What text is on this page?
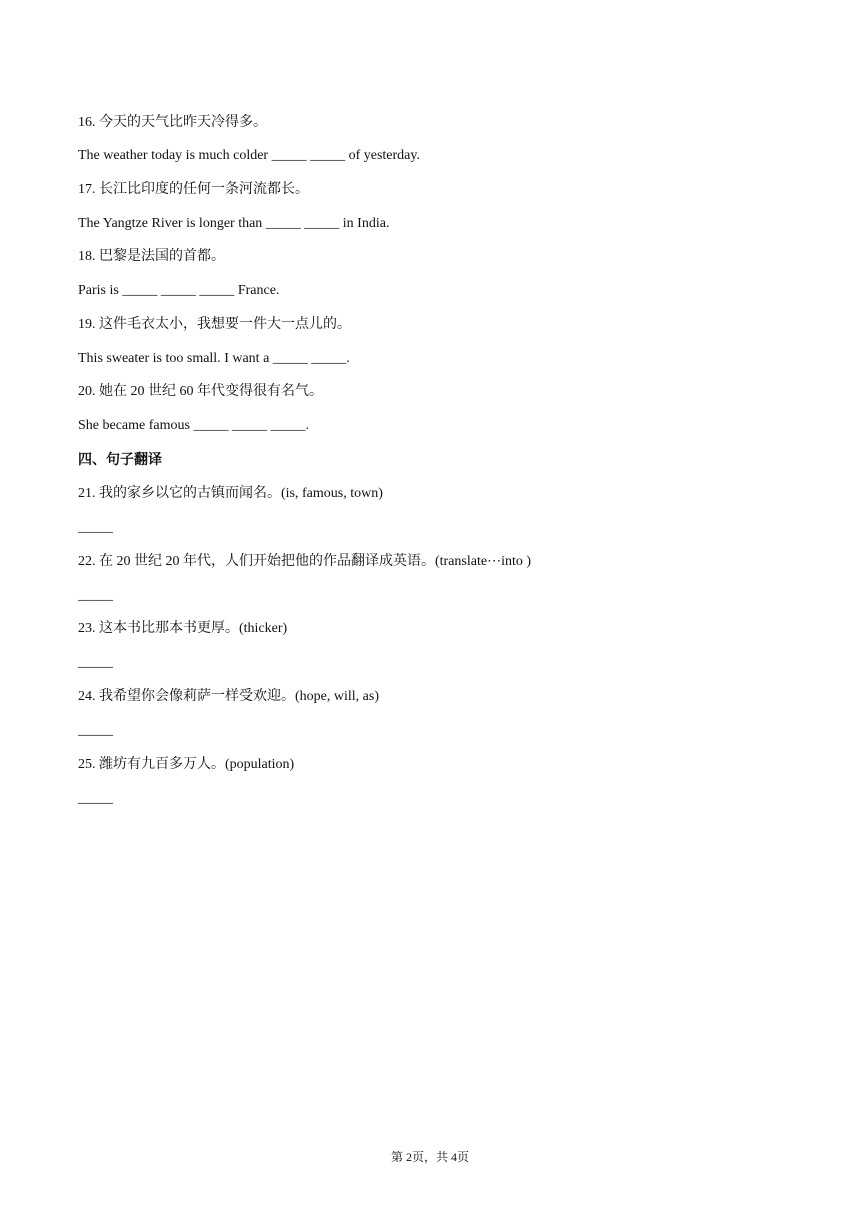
16. 今天的天气比昨天冷得多。
The weather today is much colder _____ _____ of yesterday.
17. 长江比印度的任何一条河流都长。
The Yangtze River is longer than _____ _____ in India.
18. 巴黎是法国的首都。
Paris is _____ _____ _____ France.
19. 这件毛衣太小，我想要一件大一点儿的。
This sweater is too small. I want a _____ _____.
20. 她在 20 世纪 60 年代变得很有名气。
She became famous _____ _____ _____.
四、句子翻译
21. 我的家乡以它的古镇而闻名。(is, famous, town)
_____
22. 在 20 世纪 20 年代，人们开始把他的作品翻译成英语。(translate⋯into )
_____
23. 这本书比那本书更厚。(thicker)
_____
24. 我希望你会像莉萨一样受欢迎。(hope, will, as)
_____
25. 潍坊有九百多万人。(population)
_____
第 2页，共 4页
